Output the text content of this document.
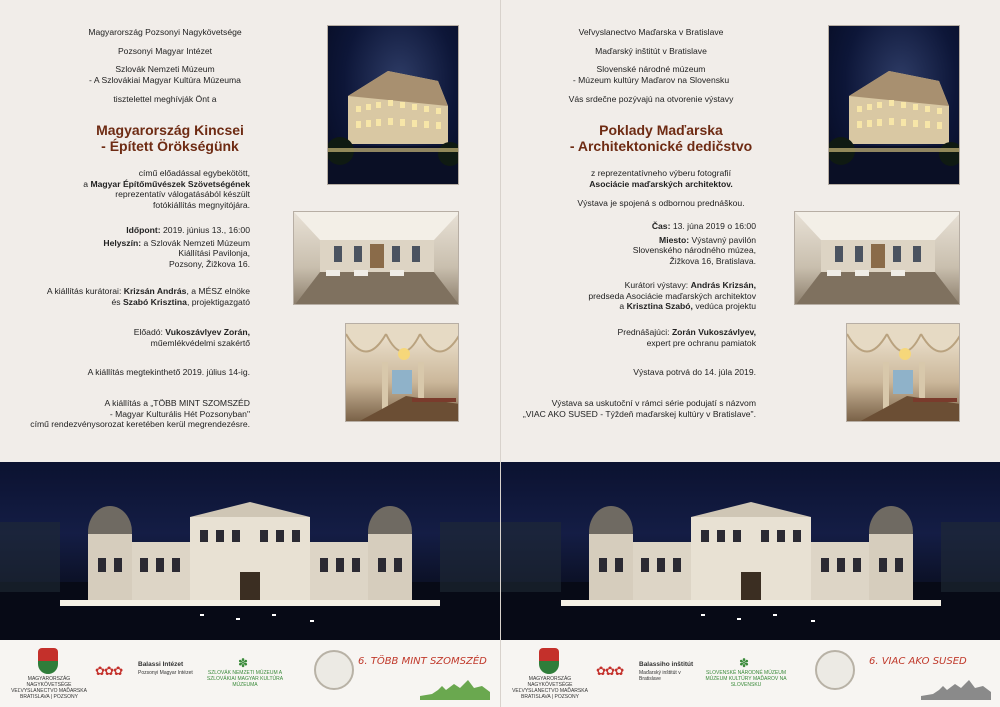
Magyarország Pozsonyi Nagykövetsége
Pozsonyi Magyar Intézet
Szlovák Nemzeti Múzeum
- A Szlovákiai Magyar Kultúra Múzeuma
tisztelettel meghívják Önt a
Magyarország Kincsei
- Épített Örökségünk
című előadással egybekötött,
a Magyar Építőművészek Szövetségének
reprezentatív válogatásából készült
fotókiállítás megnyitójára.
Időpont: 2019. június 13., 16:00
Helyszín: a Szlovák Nemzeti Múzeum
Kiállítási Pavilonja,
Pozsony, Žižkova 16.
A kiállítás kurátorai: Krizsán András, a MÉSZ elnöke
és Szabó Krisztina, projektigazgató
Előadó: Vukoszávlyev Zorán,
műemlékvédelmi szakértő
A kiállítás megtekinthető 2019. július 14-ig.
A kiállítás a „TÖBB MINT SZOMSZÉD
- Magyar Kulturális Hét Pozsonyban"
című rendezvénysorozat keretében kerül megrendezésre.
MAGYARORSZÁG NAGYKÖVETSÉGE VEĽVYSLANECTVO MAĎARSKA BRATISLAVA | POZSONY
✿✿✿ Balassi Intézet
Pozsonyi Magyar Intézet
✽
SZLOVÁK NEMZETI MÚZEUM A SZLOVÁKIAI MAGYAR KULTÚRA MÚZEUMA
6. TÖBB MINT SZOMSZÉD
Veľvyslanectvo Maďarska v Bratislave
Maďarský inštitút v Bratislave
Slovenské národné múzeum
- Múzeum kultúry Maďarov na Slovensku
Vás srdečne pozývajú na otvorenie výstavy
Poklady Maďarska
- Architektonické dedičstvo
z reprezentatívneho výberu fotografií
Asociácie maďarských architektov.
Výstava je spojená s odbornou prednáškou.
Čas: 13. júna 2019 o 16:00
Miesto: Výstavný pavilón
Slovenského národného múzea,
Žižkova 16, Bratislava.
Kurátori výstavy: András Krizsán,
predseda Asociácie maďarských architektov
a Krisztina Szabó, vedúca projektu
Prednášajúci: Zorán Vukoszávlyev,
expert pre ochranu pamiatok
Výstava potrvá do 14. júla 2019.
Výstava sa uskutoční v rámci série podujatí s názvom
„VIAC AKO SUSED - Týždeň maďarskej kultúry v Bratislave".
MAGYARORSZÁG NAGYKÖVETSÉGE VEĽVYSLANECTVO MAĎARSKA BRATISLAVA | POZSONY
✿✿✿ Balassiho inštitút
Maďarský inštitút v Bratislave
✽
SLOVENSKÉ NÁRODNÉ MÚZEUM MÚZEUM KULTÚRY MAĎAROV NA SLOVENSKU
6. VIAC AKO SUSED
